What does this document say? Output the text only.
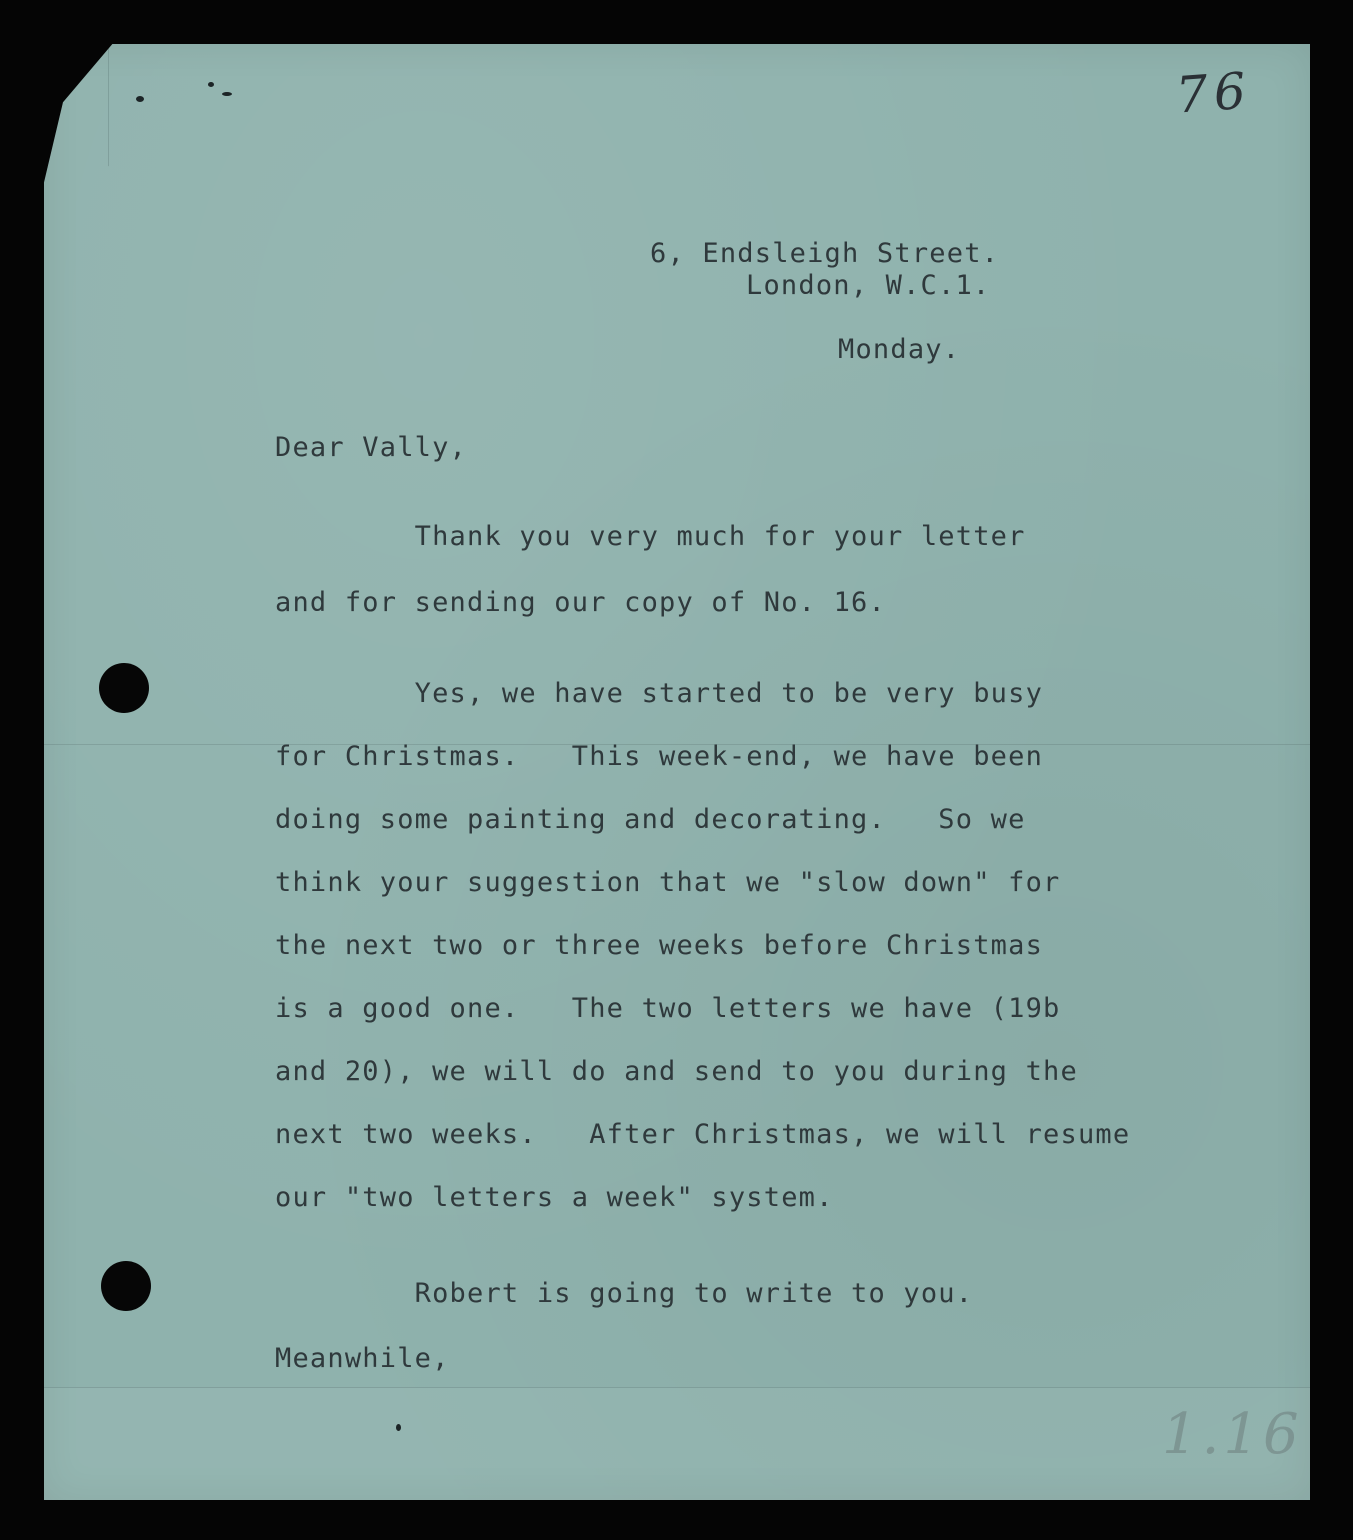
76
1.16
6, Endsleigh Street.
London, W.C.1.
Monday.
Dear Vally,
Thank you very much for your letter
and for sending our copy of No. 16.
Yes, we have started to be very busy
for Christmas.   This week-end, we have been
doing some painting and decorating.   So we
think your suggestion that we "slow down" for
the next two or three weeks before Christmas
is a good one.   The two letters we have (19b
and 20), we will do and send to you during the
next two weeks.   After Christmas, we will resume
our "two letters a week" system.
Robert is going to write to you.
Meanwhile,
